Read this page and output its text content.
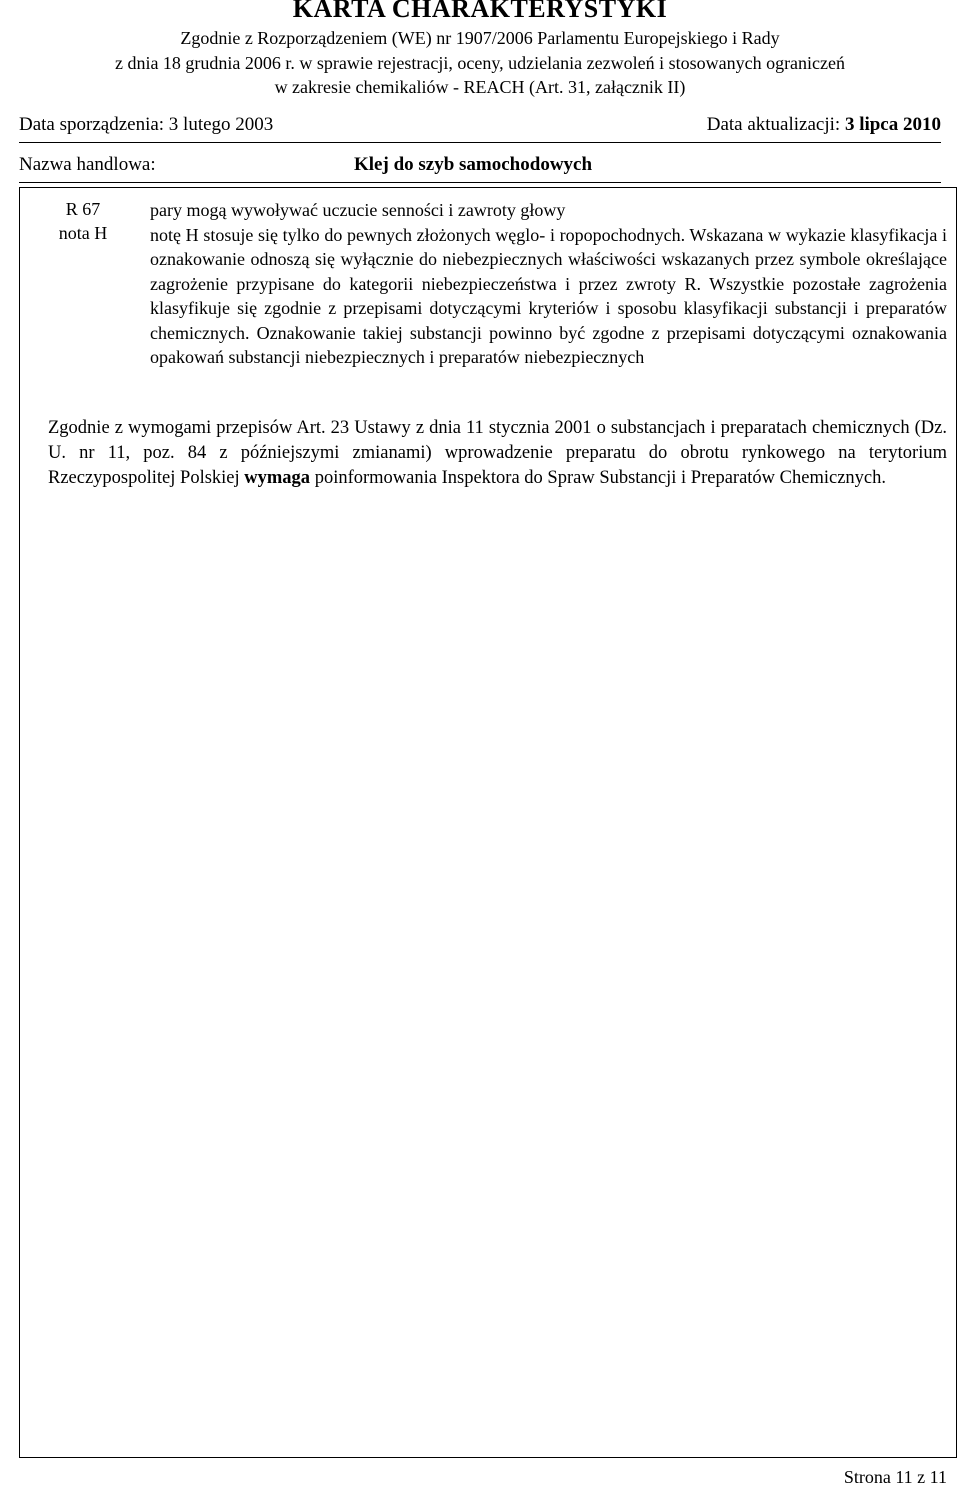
KARTA CHARAKTERYSTYKI
Zgodnie z Rozporządzeniem (WE) nr 1907/2006 Parlamentu Europejskiego i Rady
z dnia 18 grudnia 2006 r. w sprawie rejestracji, oceny, udzielania zezwoleń i stosowanych ograniczeń
w zakresie chemikaliów - REACH (Art. 31, załącznik II)
Data sporządzenia: 3 lutego 2003	Data aktualizacji: 3 lipca 2010
Nazwa handlowa:	Klej do szyb samochodowych
R 67
nota H

pary mogą wywoływać uczucie senności i zawroty głowy

notę H stosuje się tylko do pewnych złożonych węglo- i ropopochodnych. Wskazana w wykazie klasyfikacja i oznakowanie odnoszą się wyłącznie do niebezpiecznych właściwości wskazanych przez symbole określające zagrożenie przypisane do kategorii niebezpieczeństwa i przez zwroty R. Wszystkie pozostałe zagrożenia klasyfikuje się zgodnie z przepisami dotyczącymi kryteriów i sposobu klasyfikacji substancji i preparatów chemicznych. Oznakowanie takiej substancji powinno być zgodne z przepisami dotyczącymi oznakowania opakowań substancji niebezpiecznych i preparatów niebezpiecznych

Zgodnie z wymogami przepisów Art. 23 Ustawy z dnia 11 stycznia 2001 o substancjach i preparatach chemicznych (Dz. U. nr 11, poz. 84 z późniejszymi zmianami) wprowadzenie preparatu do obrotu rynkowego na terytorium Rzeczypospolitej Polskiej wymaga poinformowania Inspektora do Spraw Substancji i Preparatów Chemicznych.
Strona 11 z 11
